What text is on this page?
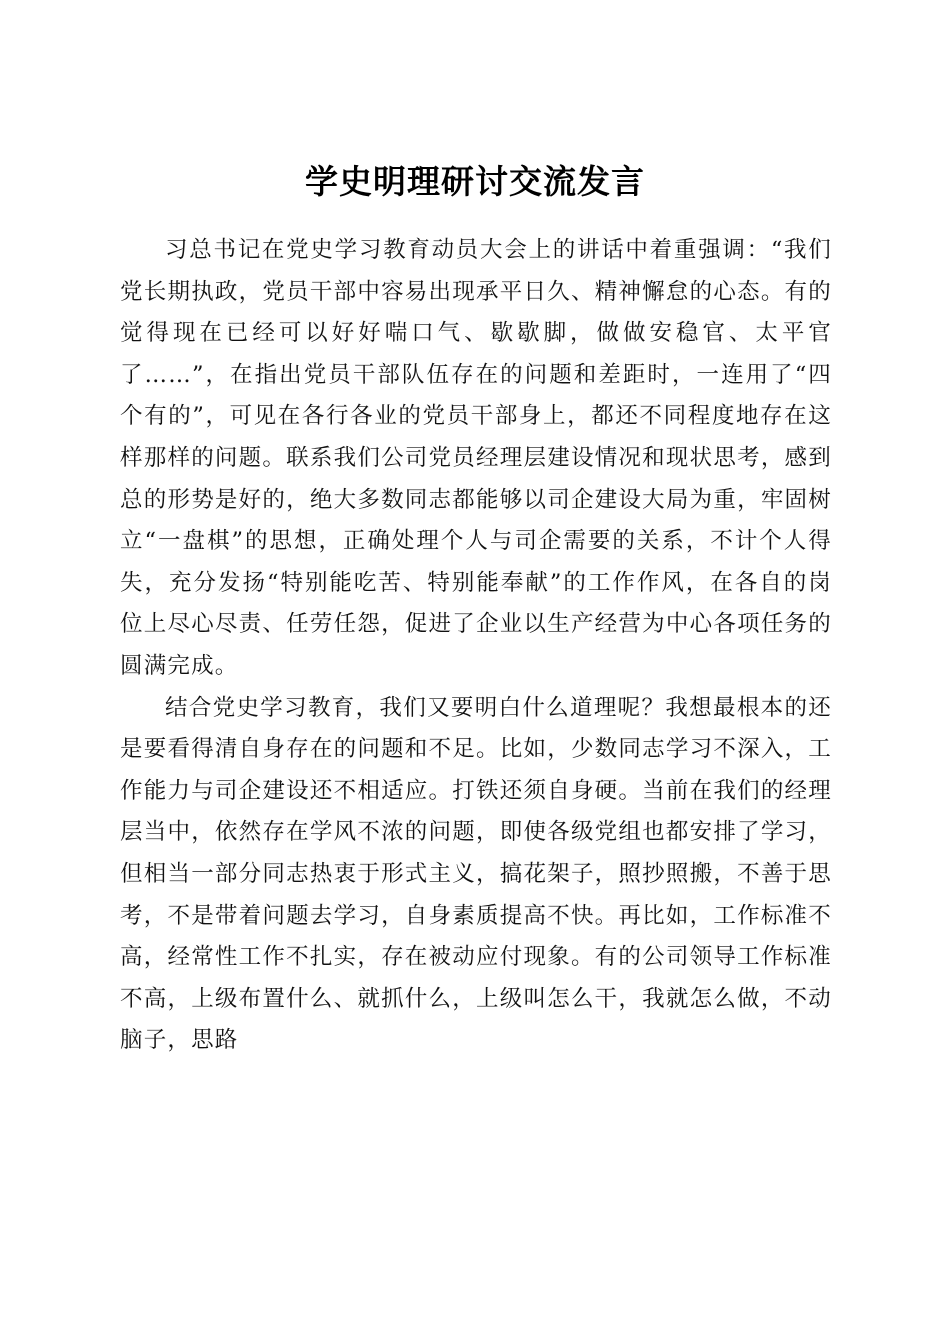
学史明理研讨交流发言

习总书记在党史学习教育动员大会上的讲话中着重强调：“我们党长期执政，党员干部中容易出现承平日久、精神懈怠的心态。有的觉得现在已经可以好好喘口气、歇歇脚，做做安稳官、太平官了……”，在指出党员干部队伍存在的问题和差距时，一连用了“四个有的”，可见在各行各业的党员干部身上，都还不同程度地存在这样那样的问题。联系我们公司党员经理层建设情况和现状思考，感到总的形势是好的，绝大多数同志都能够以司企建设大局为重，牢固树立“一盘棋”的思想，正确处理个人与司企需要的关系，不计个人得失，充分发扬“特别能吃苦、特别能奉献”的工作作风，在各自的岗位上尽心尽责、任劳任怨，促进了企业以生产经营为中心各项任务的圆满完成。

结合党史学习教育，我们又要明白什么道理呢？我想最根本的还是要看得清自身存在的问题和不足。比如，少数同志学习不深入，工作能力与司企建设还不相适应。打铁还须自身硬。当前在我们的经理层当中，依然存在学风不浓的问题，即使各级党组也都安排了学习，但相当一部分同志热衷于形式主义，搞花架子，照抄照搬，不善于思考，不是带着问题去学习，自身素质提高不快。再比如，工作标准不高，经常性工作不扎实，存在被动应付现象。有的公司领导工作标准不高，上级布置什么、就抓什么，上级叫怎么干，我就怎么做，不动脑子，思路
